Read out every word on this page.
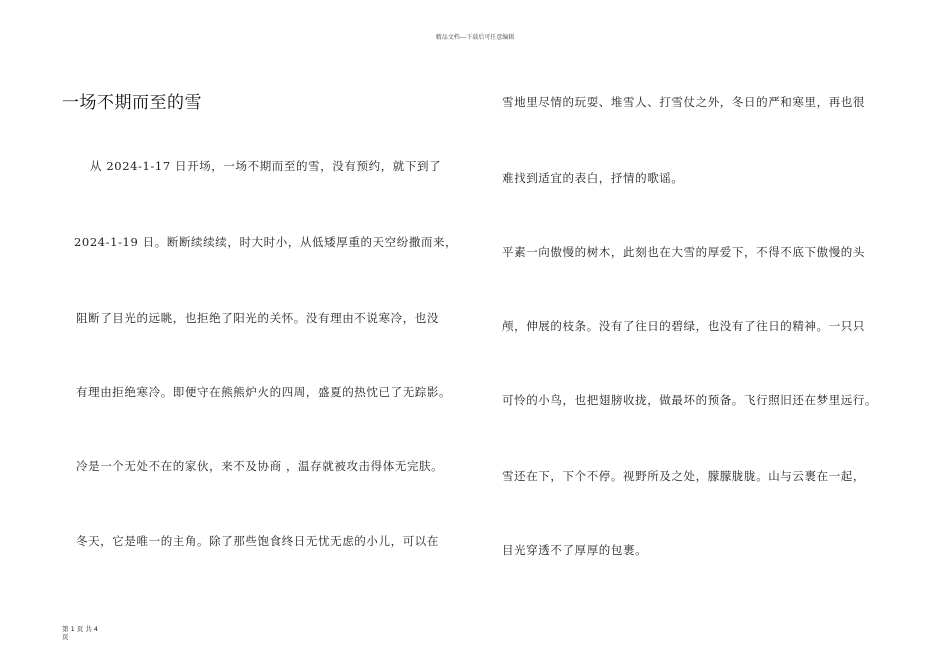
精品文档---下载后可任意编辑
一场不期而至的雪
从 2024-1-17 日开场，一场不期而至的雪，没有预约，就下到了
2024-1-19 日。断断续续续，时大时小，从低矮厚重的天空纷撒而来，
阻断了目光的远眺，也拒绝了阳光的关怀。没有理由不说寒冷，也没
有理由拒绝寒冷。即便守在熊熊炉火的四周，盛夏的热忱已了无踪影。
冷是一个无处不在的家伙，来不及协商 ，温存就被攻击得体无完肤。
冬天，它是唯一的主角。除了那些饱食终日无忧无虑的小儿，可以在
雪地里尽情的玩耍、堆雪人、打雪仗之外，冬日的严和寒里，再也很
难找到适宜的表白，抒情的歌谣。
平素一向傲慢的树木，此刻也在大雪的厚爱下，不得不底下傲慢的头
颅，伸展的枝条。没有了往日的碧绿，也没有了往日的精神。一只只
可怜的小鸟，也把翅膀收拢，做最坏的预备。飞行照旧还在梦里远行。
雪还在下，下个不停。视野所及之处，朦朦胧胧。山与云裹在一起，
目光穿透不了厚厚的包裹。
第 1 页 共 4
页
